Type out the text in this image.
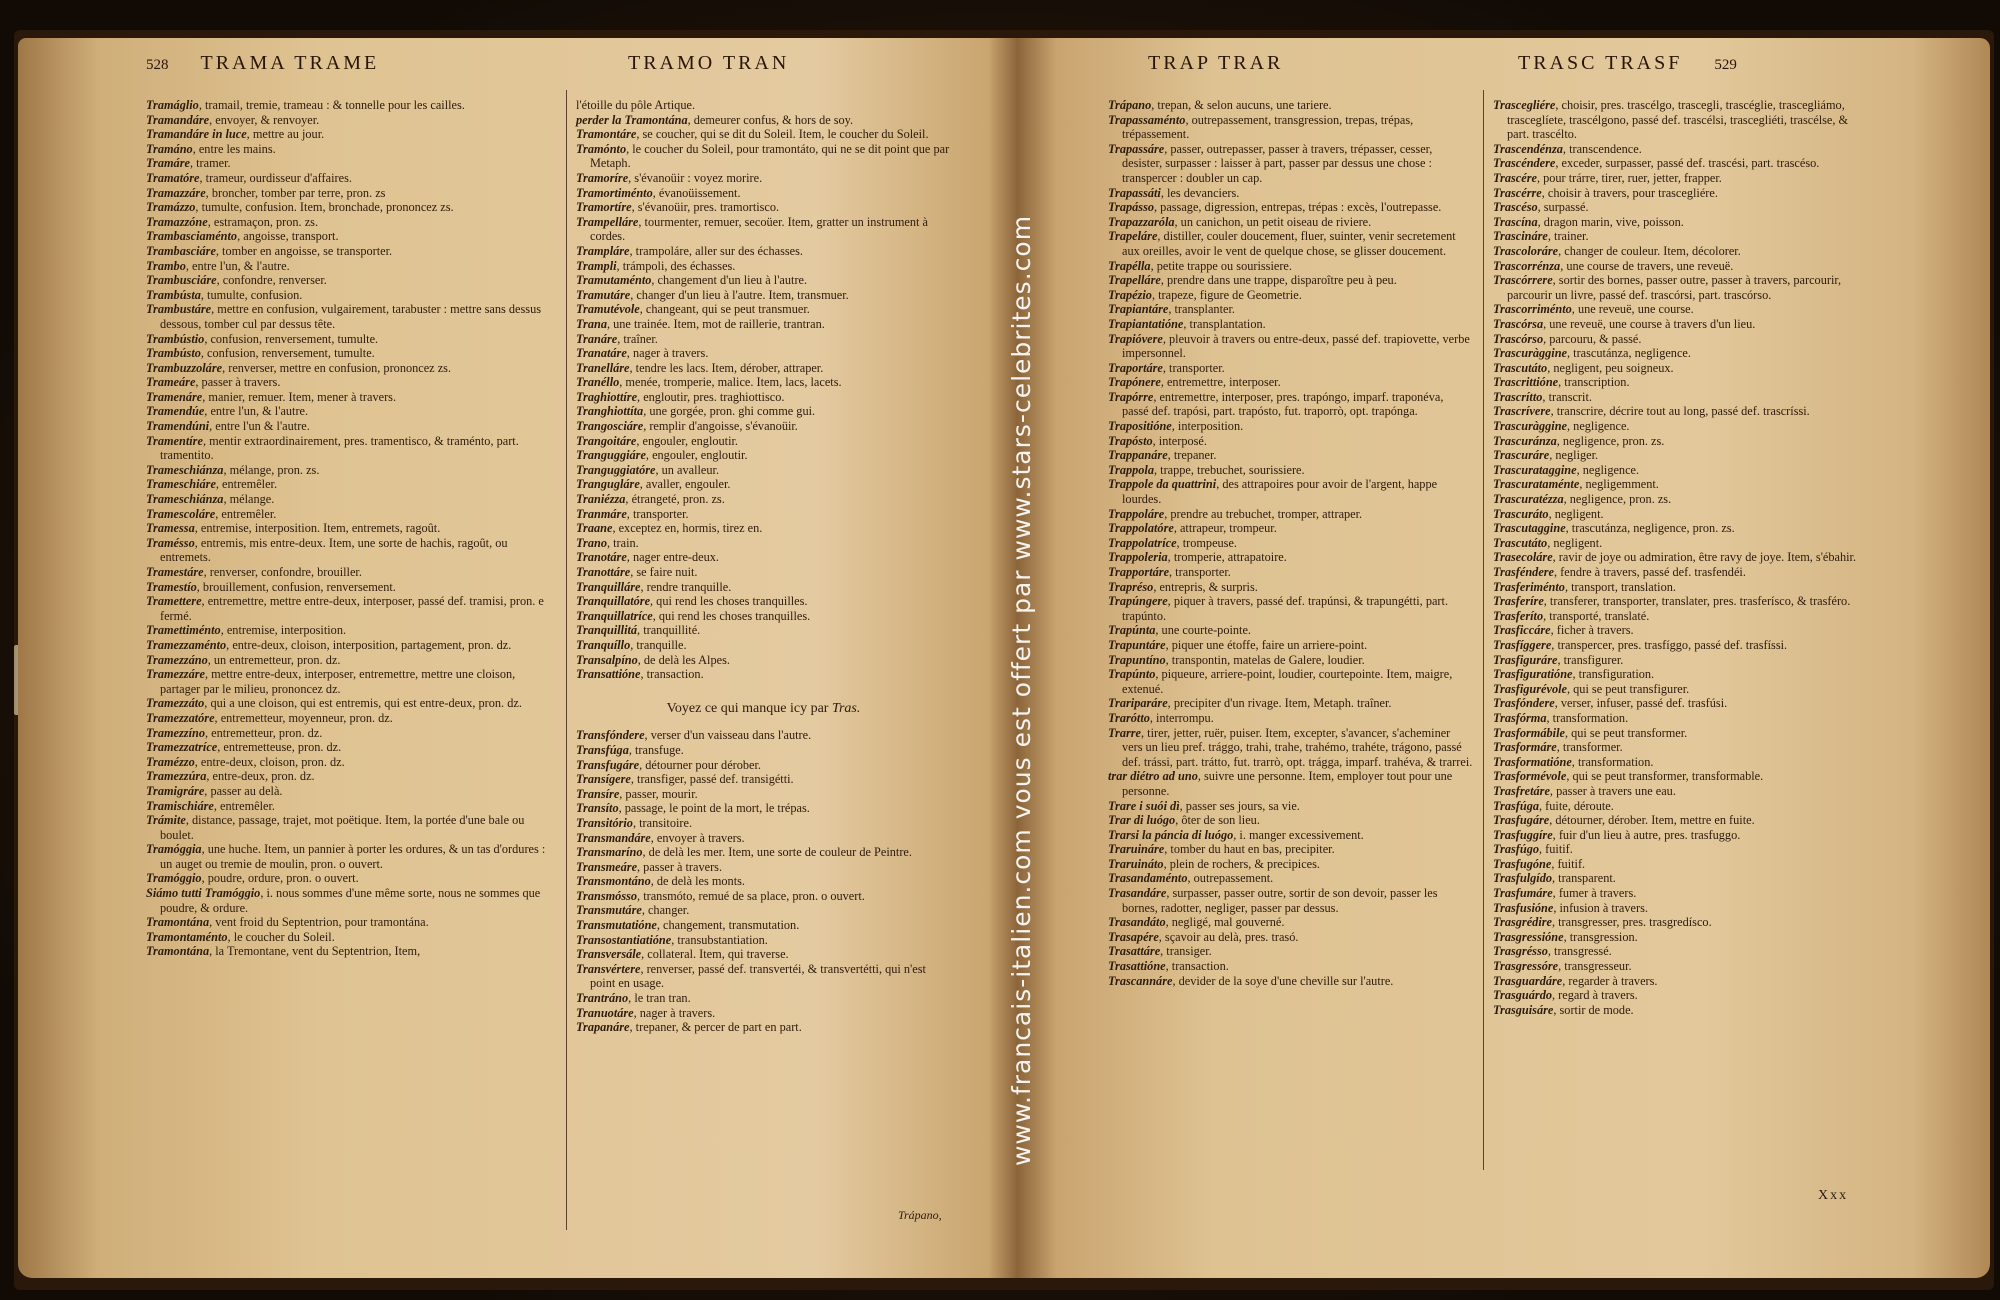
528 TRAMA TRAME	TRAMO TRAN
Tramáglio, tramail, tremie, trameau : & tonnelle pour les cailles.
Tramandáre, envoyer, & renvoyer.
Tramandáre in luce, mettre au jour.
Tramáno, entre les mains.
Tramáre, tramer.
Tramatóre, trameur, ourdisseur d'affaires.
Tramazzáre, broncher, tomber par terre, pron. zs
Tramázzo, tumulte, confusion. Item, bronchade, prononcez zs.
Tramazzóne, estramaçon, pron. zs.
Trambasciaménto, angoisse, transport.
Trambasciáre, tomber en angoisse, se transporter.
Trambo, entre l'un, & l'autre.
Trambusciáre, confondre, renverser.
Trambústa, tumulte, confusion.
Trambustáre, mettre en confusion, vulgairement, tarabuster : mettre sans dessus dessous, tomber cul par dessus tête.
Trambústio, confusion, renversement, tumulte.
Trambústo, confusion, renversement, tumulte.
Trambuzzoláre, renverser, mettre en confusion, prononcez zs.
Trameáre, passer à travers.
Tramenáre, manier, remuer. Item, mener à travers.
Tramendúe, entre l'un, & l'autre.
Tramendúni, entre l'un & l'autre.
Tramentíre, mentir extraordinairement, pres. tramentisco, & traménto, part. tramentito.
Trameschiánza, mélange, pron. zs.
Trameschiáre, entremêler.
Trameschiánza, mélange.
Tramescoláre, entremêler.
Tramessa, entremise, interposition. Item, entremets, ragoût.
Tramésso, entremis, mis entre-deux. Item, une sorte de hachis, ragoût, ou entremets.
Tramestáre, renverser, confondre, brouiller.
Tramestío, brouillement, confusion, renversement.
Tramettere, entremettre, mettre entre-deux, interposer, passé def. tramisi, pron. e fermé.
Tramettiménto, entremise, interposition.
Tramezzaménto, entre-deux, cloison, interposition, partagement, pron. dz.
Tramezzáno, un entremetteur, pron. dz.
Tramezzáre, mettre entre-deux, interposer, entremettre, mettre une cloison, partager par le milieu, prononcez dz.
Tramezzáto, qui a une cloison, qui est entremis, qui est entre-deux, pron. dz.
Tramezzatóre, entremetteur, moyenneur, pron. dz.
Tramezzíno, entremetteur, pron. dz.
Tramezzatríce, entremetteuse, pron. dz.
Tramézzo, entre-deux, cloison, pron. dz.
Tramezzúra, entre-deux, pron. dz.
Tramigráre, passer au delà.
Tramischiáre, entremêler.
Trámite, distance, passage, trajet, mot poëtique. Item, la portée d'une bale ou boulet.
Tramóggia, une huche. Item, un pannier à porter les ordures, & un tas d'ordures : un auget ou tremie de moulin, pron. o ouvert.
Tramóggio, poudre, ordure, pron. o ouvert.
Siámo tutti Tramóggio, i. nous sommes d'une même sorte, nous ne sommes que poudre, & ordure.
Tramontána, vent froid du Septentrion, pour tramontána.
Tramontaménto, le coucher du Soleil.
Tramontána, la Tremontane, vent du Septentrion, Item,
l'étoille du pôle Artique.
perder la Tramontána, demeurer confus, & hors de soy.
Tramontáre, se coucher, qui se dit du Soleil. Item, le coucher du Soleil.
Tramónto, le coucher du Soleil, pour tramontáto, qui ne se dit point que par Metaph.
Tramoríre, s'évanoüir : voyez morire.
Tramortiménto, évanoüissement.
Tramortíre, s'évanoüir, pres. tramortisco.
Trampelláre, tourmenter, remuer, secoüer. Item, gratter un instrument à cordes.
Trampláre, trampoláre, aller sur des échasses.
Trampli, trámpoli, des échasses.
Tramutaménto, changement d'un lieu à l'autre.
Tramutáre, changer d'un lieu à l'autre. Item, transmuer.
Tramutévole, changeant, qui se peut transmuer.
Trana, une trainée. Item, mot de raillerie, trantran.
Tranáre, traîner.
Tranatáre, nager à travers.
Tranelláre, tendre les lacs. Item, dérober, attraper.
Tranéllo, menée, tromperie, malice. Item, lacs, lacets.
Traghiottíre, engloutir, pres. traghiottisco.
Tranghiottíta, une gorgée, pron. ghi comme gui.
Trangosciáre, remplir d'angoisse, s'évanoüir.
Trangoitáre, engouler, engloutir.
Tranguggiáre, engouler, engloutir.
Tranguggiatóre, un avalleur.
Trangugláre, avaller, engouler.
Traniézza, étrangeté, pron. zs.
Tranmáre, transporter.
Traane, exceptez en, hormis, tirez en.
Trano, train.
Tranotáre, nager entre-deux.
Tranottáre, se faire nuit.
Tranquilláre, rendre tranquille.
Tranquillatóre, qui rend les choses tranquilles.
Tranquillatríce, qui rend les choses tranquilles.
Tranquillitá, tranquillité.
Tranquíllo, tranquille.
Transalpíno, de delà les Alpes.
Transattióne, transaction.
Voyez ce qui manque icy par Tras.
Transfóndere, verser d'un vaisseau dans l'autre.
Transfúga, transfuge.
Transfugáre, détourner pour dérober.
Transígere, transfiger, passé def. transigétti.
Transíre, passer, mourir.
Transíto, passage, le point de la mort, le trépas.
Transitório, transitoire.
Transmandáre, envoyer à travers.
Transmaríno, de delà les mer. Item, une sorte de couleur de Peintre.
Transmeáre, passer à travers.
Transmontáno, de delà les monts.
Transmósso, transmóto, remué de sa place, pron. o ouvert.
Transmutáre, changer.
Transmutatióne, changement, transmutation.
Transostantiatióne, transubstantiation.
Transversále, collateral. Item, qui traverse.
Transvértere, renverser, passé def. transvertéi, & transvertétti, qui n'est point en usage.
Trantráno, le tran tran.
Tranuotáre, nager à travers.
Trapanáre, trepaner, & percer de part en part.
Trápano,
TRAP TRAR	TRASC TRASF 529
Trápano, trepan, & selon aucuns, une tariere.
Trapassaménto, outrepassement, transgression, trepas, trépas, trépassement.
Trapassáre, passer, outrepasser, passer à travers, trépasser, cesser, desister, surpasser : laisser à part, passer par dessus une chose : transpercer : doubler un cap.
Trapassáti, les devanciers.
Trapásso, passage, digression, entrepas, trépas : excès, l'outrepasse.
Trapazzaróla, un canichon, un petit oiseau de riviere.
Trapeláre, distiller, couler doucement, fluer, suinter, venir secretement aux oreilles, avoir le vent de quelque chose, se glisser doucement.
Trapélla, petite trappe ou sourissiere.
Trapelláre, prendre dans une trappe, disparoître peu à peu.
Trapézio, trapeze, figure de Geometrie.
Trapiantáre, transplanter.
Trapiantatióne, transplantation.
Trapióvere, pleuvoir à travers ou entre-deux, passé def. trapiovette, verbe impersonnel.
Traportáre, transporter.
Trapónere, entremettre, interposer.
Trapórre, entremettre, interposer, pres. trapóngo, imparf. traponéva, passé def. trapósi, part. trapósto, fut. traporrò, opt. trapónga.
Trapositióne, interposition.
Trapósto, interposé.
Trappanáre, trepaner.
Trappola, trappe, trebuchet, sourissiere.
Trappole da quattrini, des attrapoires pour avoir de l'argent, happe lourdes.
Trappoláre, prendre au trebuchet, tromper, attraper.
Trappolatóre, attrapeur, trompeur.
Trappolatríce, trompeuse.
Trappoleria, tromperie, attrapatoire.
Trapportáre, transporter.
Trapréso, entrepris, & surpris.
Trapúngere, piquer à travers, passé def. trapúnsi, & trapungétti, part. trapúnto.
Trapúnta, une courte-pointe.
Trapuntáre, piquer une étoffe, faire un arriere-point.
Trapuntíno, transpontin, matelas de Galere, loudier.
Trapúnto, piqueure, arriere-point, loudier, courtepointe. Item, maigre, extenué.
Trariparáre, precipiter d'un rivage. Item, Metaph. traîner.
Trarótto, interrompu.
Trarre, tirer, jetter, ruër, puiser. Item, excepter, s'avancer, s'acheminer vers un lieu pref. trággo, trahi, trahe, trahémo, trahéte, trágono, passé def. trássi, part. trátto, fut. trarrò, opt. trágga, imparf. trahéva, & trarrei.
trar diétro ad uno, suivre une personne. Item, employer tout pour une personne.
Trare i suói dì, passer ses jours, sa vie.
Trar di luógo, ôter de son lieu.
Trarsi la páncia di luógo, i. manger excessivement.
Traruináre, tomber du haut en bas, precipiter.
Traruináto, plein de rochers, & precipices.
Trasandaménto, outrepassement.
Trasandáre, surpasser, passer outre, sortir de son devoir, passer les bornes, radotter, negliger, passer par dessus.
Trasandáto, negligé, mal gouverné.
Trasapére, sçavoir au delà, pres. trasó.
Trasattáre, transiger.
Trasattióne, transaction.
Trascannáre, devider de la soye d'une cheville sur l'autre.
Trascegliére, choisir, pres. trascélgo, trascegli, trascéglie, trascegliámo, trasceglíete, trascélgono, passé def. trascélsi, trascegliéti, trascélse, & part. trascélto.
Trascendénza, transcendence.
Trascéndere, exceder, surpasser, passé def. trascési, part. trascéso.
Trascére, pour trárre, tirer, ruer, jetter, frapper.
Trascérre, choisir à travers, pour trascegliére.
Trascéso, surpassé.
Trascína, dragon marin, vive, poisson.
Trascináre, trainer.
Trascoloráre, changer de couleur. Item, décolorer.
Trascorrénza, une course de travers, une reveuë.
Trascórrere, sortir des bornes, passer outre, passer à travers, parcourir, parcourir un livre, passé def. trascórsi, part. trascórso.
Trascorriménto, une reveuë, une course.
Trascórsa, une reveuë, une course à travers d'un lieu.
Trascórso, parcouru, & passé.
Trascuràggine, trascutánza, negligence.
Trascutáto, negligent, peu soigneux.
Trascrittióne, transcription.
Trascrítto, transcrit.
Trascrívere, transcrire, décrire tout au long, passé def. trascríssi.
Trascuràggine, negligence.
Trascuránza, negligence, pron. zs.
Trascuráre, negliger.
Trascurataggine, negligence.
Trascurataménte, negligemment.
Trascuratézza, negligence, pron. zs.
Trascuráto, negligent.
Trascutaggine, trascutánza, negligence, pron. zs.
Trascutáto, negligent.
Trasecoláre, ravir de joye ou admiration, être ravy de joye. Item, s'ébahir.
Trasféndere, fendre à travers, passé def. trasfendéi.
Trasferiménto, transport, translation.
Trasferíre, transferer, transporter, translater, pres. trasferísco, & trasféro.
Trasferíto, transporté, translaté.
Trasficcáre, ficher à travers.
Trasfíggere, transpercer, pres. trasfíggo, passé def. trasfíssi.
Trasfiguráre, transfigurer.
Trasfiguratióne, transfiguration.
Trasfigurévole, qui se peut transfigurer.
Trasfóndere, verser, infuser, passé def. trasfúsi.
Trasfórma, transformation.
Trasformábile, qui se peut transformer.
Trasformáre, transformer.
Trasformatióne, transformation.
Trasformévole, qui se peut transformer, transformable.
Trasfretáre, passer à travers une eau.
Trasfúga, fuite, déroute.
Trasfugáre, détourner, dérober. Item, mettre en fuite.
Trasfuggíre, fuir d'un lieu à autre, pres. trasfuggo.
Trasfúgo, fuitif.
Trasfugóne, fuitif.
Trasfulgído, transparent.
Trasfumáre, fumer à travers.
Trasfusióne, infusion à travers.
Trasgrédire, transgresser, pres. trasgredísco.
Trasgressióne, transgression.
Trasgrésso, transgressé.
Trasgressóre, transgresseur.
Trasguardáre, regarder à travers.
Trasguárdo, regard à travers.
Trasguisáre, sortir de mode.
Xxx
www.francais-italien.com vous est offert par www.stars-celebrites.com
